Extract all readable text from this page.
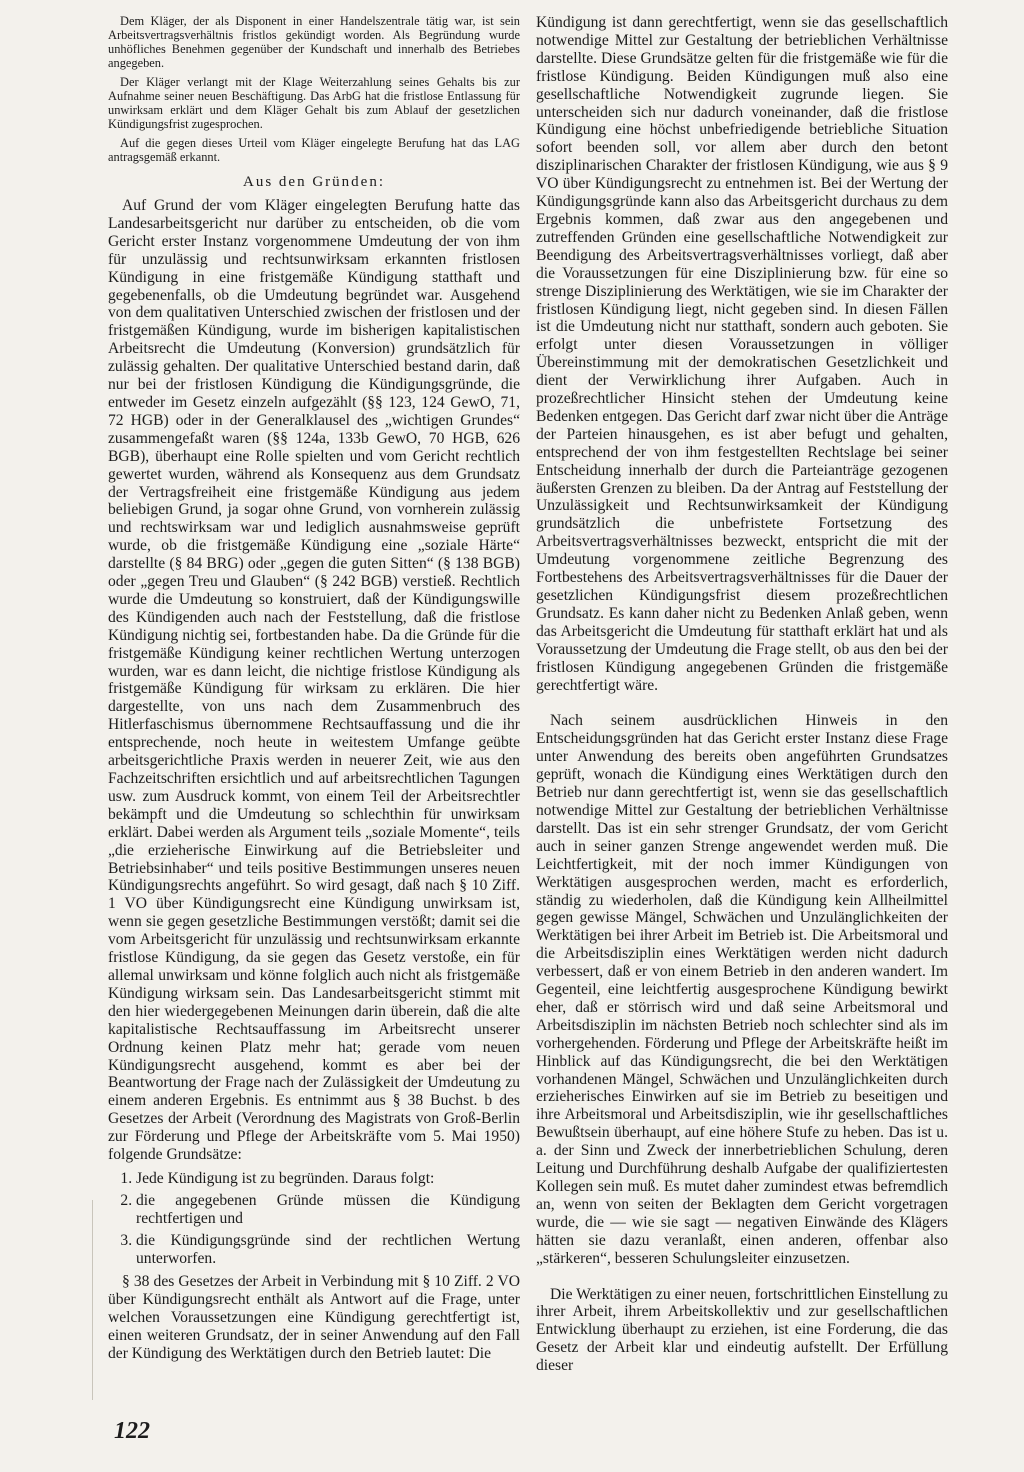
Dem Kläger, der als Disponent in einer Handelszentrale tätig war, ist sein Arbeitsvertragsverhältnis fristlos gekündigt worden. Als Begründung wurde unhöfliches Benehmen gegenüber der Kundschaft und innerhalb des Betriebes angegeben.

Der Kläger verlangt mit der Klage Weiterzahlung seines Gehalts bis zur Aufnahme seiner neuen Beschäftigung. Das ArbG hat die fristlose Entlassung für unwirksam erklärt und dem Kläger Gehalt bis zum Ablauf der gesetzlichen Kündigungsfrist zugesprochen.

Auf die gegen dieses Urteil vom Kläger eingelegte Berufung hat das LAG antragsgemäß erkannt.

Aus den Gründen:

Auf Grund der vom Kläger eingelegten Berufung hatte das Landesarbeitsgericht nur darüber zu entscheiden, ob die vom Gericht erster Instanz vorgenommene Umdeutung der von ihm für unzulässig und rechtsunwirksam erkannten fristlosen Kündigung in eine fristgemäße Kündigung statthaft und gegebenenfalls, ob die Umdeutung begründet war. Ausgehend von dem qualitativen Unterschied zwischen der fristlosen und der fristgemäßen Kündigung, wurde im bisherigen kapitalistischen Arbeitsrecht die Umdeutung (Konversion) grundsätzlich für zulässig gehalten. Der qualitative Unterschied bestand darin, daß nur bei der fristlosen Kündigung die Kündigungsgründe, die entweder im Gesetz einzeln aufgezählt (§§ 123, 124 GewO, 71, 72 HGB) oder in der Generalklausel des „wichtigen Grundes“ zusammengefaßt waren (§§ 124a, 133b GewO, 70 HGB, 626 BGB), überhaupt eine Rolle spielten und vom Gericht rechtlich gewertet wurden, während als Konsequenz aus dem Grundsatz der Vertragsfreiheit eine fristgemäße Kündigung aus jedem beliebigen Grund, ja sogar ohne Grund, von vornherein zulässig und rechtswirksam war und lediglich ausnahmsweise geprüft wurde, ob die fristgemäße Kündigung eine „soziale Härte“ darstellte (§ 84 BRG) oder „gegen die guten Sitten“ (§ 138 BGB) oder „gegen Treu und Glauben“ (§ 242 BGB) verstieß. Rechtlich wurde die Umdeutung so konstruiert, daß der Kündigungswille des Kündigenden auch nach der Feststellung, daß die fristlose Kündigung nichtig sei, fortbestanden habe. Da die Gründe für die fristgemäße Kündigung keiner rechtlichen Wertung unterzogen wurden, war es dann leicht, die nichtige fristlose Kündigung als fristgemäße Kündigung für wirksam zu erklären. Die hier dargestellte, von uns nach dem Zusammenbruch des Hitlerfaschismus übernommene Rechtsauffassung und die ihr entsprechende, noch heute in weitestem Umfange geübte arbeitsgerichtliche Praxis werden in neuerer Zeit, wie aus den Fachzeitschriften ersichtlich und auf arbeitsrechtlichen Tagungen usw. zum Ausdruck kommt, von einem Teil der Arbeitsrechtler bekämpft und die Umdeutung so schlechthin für unwirksam erklärt. Dabei werden als Argument teils „soziale Momente“, teils „die erzieherische Einwirkung auf die Betriebsleiter und Betriebsinhaber“ und teils positive Bestimmungen unseres neuen Kündigungsrechts angeführt. So wird gesagt, daß nach § 10 Ziff. 1 VO über Kündigungsrecht eine Kündigung unwirksam ist, wenn sie gegen gesetzliche Bestimmungen verstößt; damit sei die vom Arbeitsgericht für unzulässig und rechtsunwirksam erkannte fristlose Kündigung, da sie gegen das Gesetz verstoße, ein für allemal unwirksam und könne folglich auch nicht als fristgemäße Kündigung wirksam sein. Das Landesarbeitsgericht stimmt mit den hier wiedergegebenen Meinungen darin überein, daß die alte kapitalistische Rechtsauffassung im Arbeitsrecht unserer Ordnung keinen Platz mehr hat; gerade vom neuen Kündigungsrecht ausgehend, kommt es aber bei der Beantwortung der Frage nach der Zulässigkeit der Umdeutung zu einem anderen Ergebnis. Es entnimmt aus § 38 Buchst. b des Gesetzes der Arbeit (Verordnung des Magistrats von Groß-Berlin zur Förderung und Pflege der Arbeitskräfte vom 5. Mai 1950) folgende Grundsätze:

1. Jede Kündigung ist zu begründen. Daraus folgt:
2. die angegebenen Gründe müssen die Kündigung rechtfertigen und
3. die Kündigungsgründe sind der rechtlichen Wertung unterworfen.

§ 38 des Gesetzes der Arbeit in Verbindung mit § 10 Ziff. 2 VO über Kündigungsrecht enthält als Antwort auf die Frage, unter welchen Voraussetzungen eine Kündigung gerechtfertigt ist, einen weiteren Grundsatz, der in seiner Anwendung auf den Fall der Kündigung des Werktätigen durch den Betrieb lautet: Die

Kündigung ist dann gerechtfertigt, wenn sie das gesellschaftlich notwendige Mittel zur Gestaltung der betrieblichen Verhältnisse darstellte. Diese Grundsätze gelten für die fristgemäße wie für die fristlose Kündigung. Beiden Kündigungen muß also eine gesellschaftliche Notwendigkeit zugrunde liegen. Sie unterscheiden sich nur dadurch voneinander, daß die fristlose Kündigung eine höchst unbefriedigende betriebliche Situation sofort beenden soll, vor allem aber durch den betont disziplinarischen Charakter der fristlosen Kündigung, wie aus § 9 VO über Kündigungsrecht zu entnehmen ist. Bei der Wertung der Kündigungsgründe kann also das Arbeitsgericht durchaus zu dem Ergebnis kommen, daß zwar aus den angegebenen und zutreffenden Gründen eine gesellschaftliche Notwendigkeit zur Beendigung des Arbeitsvertragsverhältnisses vorliegt, daß aber die Voraussetzungen für eine Disziplinierung bzw. für eine so strenge Disziplinierung des Werktätigen, wie sie im Charakter der fristlosen Kündigung liegt, nicht gegeben sind. In diesen Fällen ist die Umdeutung nicht nur statthaft, sondern auch geboten. Sie erfolgt unter diesen Voraussetzungen in völliger Übereinstimmung mit der demokratischen Gesetzlichkeit und dient der Verwirklichung ihrer Aufgaben. Auch in prozeßrechtlicher Hinsicht stehen der Umdeutung keine Bedenken entgegen. Das Gericht darf zwar nicht über die Anträge der Parteien hinausgehen, es ist aber befugt und gehalten, entsprechend der von ihm festgestellten Rechtslage bei seiner Entscheidung innerhalb der durch die Parteianträge gezogenen äußersten Grenzen zu bleiben. Da der Antrag auf Feststellung der Unzulässigkeit und Rechtsunwirksamkeit der Kündigung grundsätzlich die unbefristete Fortsetzung des Arbeitsvertragsverhältnisses bezweckt, entspricht die mit der Umdeutung vorgenommene zeitliche Begrenzung des Fortbestehens des Arbeitsvertragsverhältnisses für die Dauer der gesetzlichen Kündigungsfrist diesem prozeßrechtlichen Grundsatz. Es kann daher nicht zu Bedenken Anlaß geben, wenn das Arbeitsgericht die Umdeutung für statthaft erklärt hat und als Voraussetzung der Umdeutung die Frage stellt, ob aus den bei der fristlosen Kündigung angegebenen Gründen die fristgemäße gerechtfertigt wäre.

Nach seinem ausdrücklichen Hinweis in den Entscheidungsgründen hat das Gericht erster Instanz diese Frage unter Anwendung des bereits oben angeführten Grundsatzes geprüft, wonach die Kündigung eines Werktätigen durch den Betrieb nur dann gerechtfertigt ist, wenn sie das gesellschaftlich notwendige Mittel zur Gestaltung der betrieblichen Verhältnisse darstellt. Das ist ein sehr strenger Grundsatz, der vom Gericht auch in seiner ganzen Strenge angewendet werden muß. Die Leichtfertigkeit, mit der noch immer Kündigungen von Werktätigen ausgesprochen werden, macht es erforderlich, ständig zu wiederholen, daß die Kündigung kein Allheilmittel gegen gewisse Mängel, Schwächen und Unzulänglichkeiten der Werktätigen bei ihrer Arbeit im Betrieb ist. Die Arbeitsmoral und die Arbeitsdisziplin eines Werktätigen werden nicht dadurch verbessert, daß er von einem Betrieb in den anderen wandert. Im Gegenteil, eine leichtfertig ausgesprochene Kündigung bewirkt eher, daß er störrisch wird und daß seine Arbeitsmoral und Arbeitsdisziplin im nächsten Betrieb noch schlechter sind als im vorhergehenden. Förderung und Pflege der Arbeitskräfte heißt im Hinblick auf das Kündigungsrecht, die bei den Werktätigen vorhandenen Mängel, Schwächen und Unzulänglichkeiten durch erzieherisches Einwirken auf sie im Betrieb zu beseitigen und ihre Arbeitsmoral und Arbeitsdisziplin, wie ihr gesellschaftliches Bewußtsein überhaupt, auf eine höhere Stufe zu heben. Das ist u. a. der Sinn und Zweck der innerbetrieblichen Schulung, deren Leitung und Durchführung deshalb Aufgabe der qualifiziertesten Kollegen sein muß. Es mutet daher zumindest etwas befremdlich an, wenn von seiten der Beklagten dem Gericht vorgetragen wurde, die — wie sie sagt — negativen Einwände des Klägers hätten sie dazu veranlaßt, einen anderen, offenbar also „stärkeren“, besseren Schulungsleiter einzusetzen.

Die Werktätigen zu einer neuen, fortschrittlichen Einstellung zu ihrer Arbeit, ihrem Arbeitskollektiv und zur gesellschaftlichen Entwicklung überhaupt zu erziehen, ist eine Forderung, die das Gesetz der Arbeit klar und eindeutig aufstellt. Der Erfüllung dieser

122
